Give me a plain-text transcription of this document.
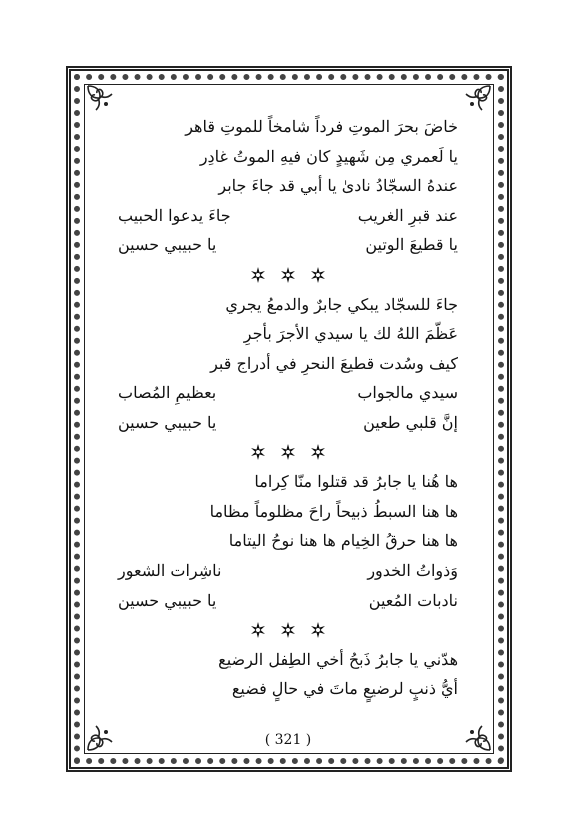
خاضَ بحرَ الموتِ فرداً شامخاً للموتِ قاهر
يا لَعمري مِن شَهيدٍ كان فيهِ الموتُ غادِر
عندهُ السجّادُ نادىٰ يا أبي قد جاءَ جابر
عند قبرِ الغريب
جاءَ يدعوا الحبيب
يا قطيعَ الوتين
يا حبيبي حسين
جاءَ للسجّاد يبكي جابرٌ والدمعُ يجري
عَظّمَ اللهُ لك يا سيدي الأجرَ بأجرِ
كيف وسُدت قطيعَ النحرِ في أدراج قبر
سيدي مالجواب
بعظيمِ المُصاب
إنَّ قلبي طعين
يا حبيبي حسين
ها هُنا يا جابرُ قد قتلوا منّا كِراما
ها هنا السبطُ ذبيحاً راحَ مظلوماً مظاما
ها هنا حرقُ الخِيام ها هنا نوحُ اليتاما
وَذواتُ الخدور
ناشِرات الشعور
نادبات المُعين
يا حبيبي حسين
هدّني يا جابرُ ذَبحُ أخي الطِفل الرضيع
أيُّ ذنبٍ لرضيعٍ ماتَ في حالٍ فضيع
( 321 )
